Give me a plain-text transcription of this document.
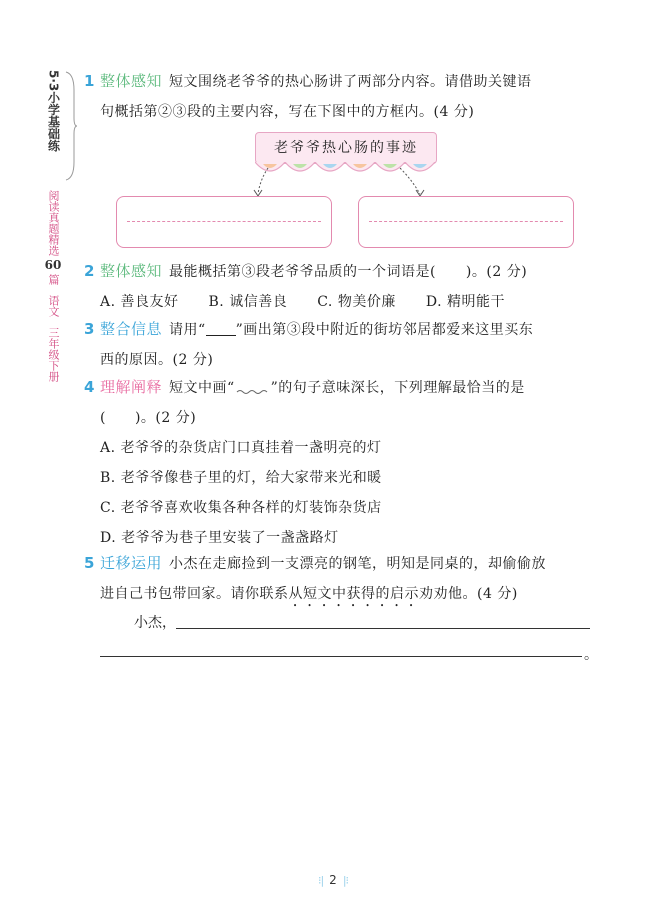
5·3小学基础练
阅读真题精选
60
篇
语文
三年级下册
1 整体感知 短文围绕老爷爷的热心肠讲了两部分内容。请借助关键语
句概括第②③段的主要内容，写在下图中的方框内。(4 分)
老爷爷热心肠的事迹
2 整体感知 最能概括第③段老爷爷品质的一个词语是( )。(2 分)
A. 善良友好 B. 诚信善良 C. 物美价廉 D. 精明能干
3 整合信息 请用“ ”画出第③段中附近的街坊邻居都爱来这里买东
西的原因。(2 分)
4 理解阐释 短文中画“	”的句子意味深长，下列理解最恰当的是
(　　)。(2 分)
A. 老爷爷的杂货店门口真挂着一盏明亮的灯
B. 老爷爷像巷子里的灯，给大家带来光和暖
C. 老爷爷喜欢收集各种各样的灯装饰杂货店
D. 老爷爷为巷子里安装了一盏盏路灯
5 迁移运用 小杰在走廊捡到一支漂亮的钢笔，明知是同桌的，却偷偷放
进自己书包带回家。请你联系从短文中获得的启示劝劝他。(4 分)
小杰，
。
⁝| 2 |⁝
